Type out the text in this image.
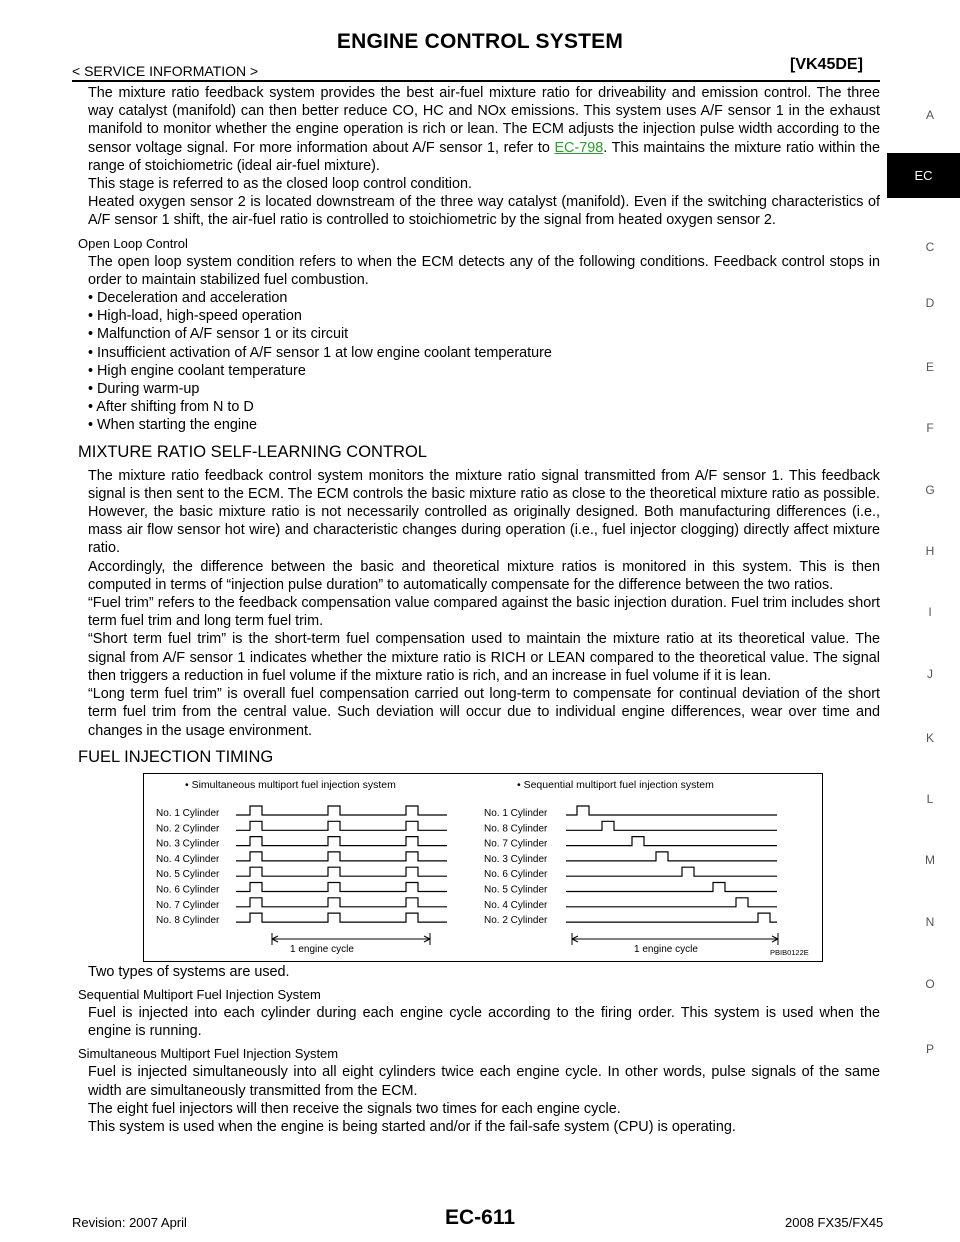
ENGINE CONTROL SYSTEM
< SERVICE INFORMATION >	[VK45DE]

The mixture ratio feedback system provides the best air-fuel mixture ratio for driveability and emission control. The three way catalyst (manifold) can then better reduce CO, HC and NOx emissions. This system uses A/F sensor 1 in the exhaust manifold to monitor whether the engine operation is rich or lean. The ECM adjusts the injection pulse width according to the sensor voltage signal. For more information about A/F sensor 1, refer to EC-798. This maintains the mixture ratio within the range of stoichiometric (ideal air-fuel mixture).

This stage is referred to as the closed loop control condition.

Heated oxygen sensor 2 is located downstream of the three way catalyst (manifold). Even if the switching characteristics of A/F sensor 1 shift, the air-fuel ratio is controlled to stoichiometric by the signal from heated oxygen sensor 2.

Open Loop Control

The open loop system condition refers to when the ECM detects any of the following conditions. Feedback control stops in order to maintain stabilized fuel combustion.

• Deceleration and acceleration
• High-load, high-speed operation
• Malfunction of A/F sensor 1 or its circuit
• Insufficient activation of A/F sensor 1 at low engine coolant temperature
• High engine coolant temperature
• During warm-up
• After shifting from N to D
• When starting the engine
MIXTURE RATIO SELF-LEARNING CONTROL

The mixture ratio feedback control system monitors the mixture ratio signal transmitted from A/F sensor 1. This feedback signal is then sent to the ECM. The ECM controls the basic mixture ratio as close to the theoretical mixture ratio as possible. However, the basic mixture ratio is not necessarily controlled as originally designed. Both manufacturing differences (i.e., mass air flow sensor hot wire) and characteristic changes during operation (i.e., fuel injector clogging) directly affect mixture ratio.

Accordingly, the difference between the basic and theoretical mixture ratios is monitored in this system. This is then computed in terms of “injection pulse duration” to automatically compensate for the difference between the two ratios.

“Fuel trim” refers to the feedback compensation value compared against the basic injection duration. Fuel trim includes short term fuel trim and long term fuel trim.

“Short term fuel trim” is the short-term fuel compensation used to maintain the mixture ratio at its theoretical value. The signal from A/F sensor 1 indicates whether the mixture ratio is RICH or LEAN compared to the theoretical value. The signal then triggers a reduction in fuel volume if the mixture ratio is rich, and an increase in fuel volume if it is lean.

“Long term fuel trim” is overall fuel compensation carried out long-term to compensate for continual deviation of the short term fuel trim from the central value. Such deviation will occur due to individual engine differences, wear over time and changes in the usage environment.

FUEL INJECTION TIMING
• Simultaneous multiport fuel injection system	• Sequential multiport fuel injection system
No. 1 Cylinder
No. 2 Cylinder
No. 3 Cylinder
No. 4 Cylinder
No. 5 Cylinder
No. 6 Cylinder
No. 7 Cylinder
No. 8 Cylinder
No. 1 Cylinder
No. 8 Cylinder
No. 7 Cylinder
No. 3 Cylinder
No. 6 Cylinder
No. 5 Cylinder
No. 4 Cylinder
No. 2 Cylinder
1 engine cycle	1 engine cycle	PBIB0122E

Two types of systems are used.

Sequential Multiport Fuel Injection System

Fuel is injected into each cylinder during each engine cycle according to the firing order. This system is used when the engine is running.

Simultaneous Multiport Fuel Injection System

Fuel is injected simultaneously into all eight cylinders twice each engine cycle. In other words, pulse signals of the same width are simultaneously transmitted from the ECM.

The eight fuel injectors will then receive the signals two times for each engine cycle.

This system is used when the engine is being started and/or if the fail-safe system (CPU) is operating.

A
C
D
E
F
G
H
I
J
K
L
M
N
O
P
EC
Revision: 2007 April	EC-611	2008 FX35/FX45
